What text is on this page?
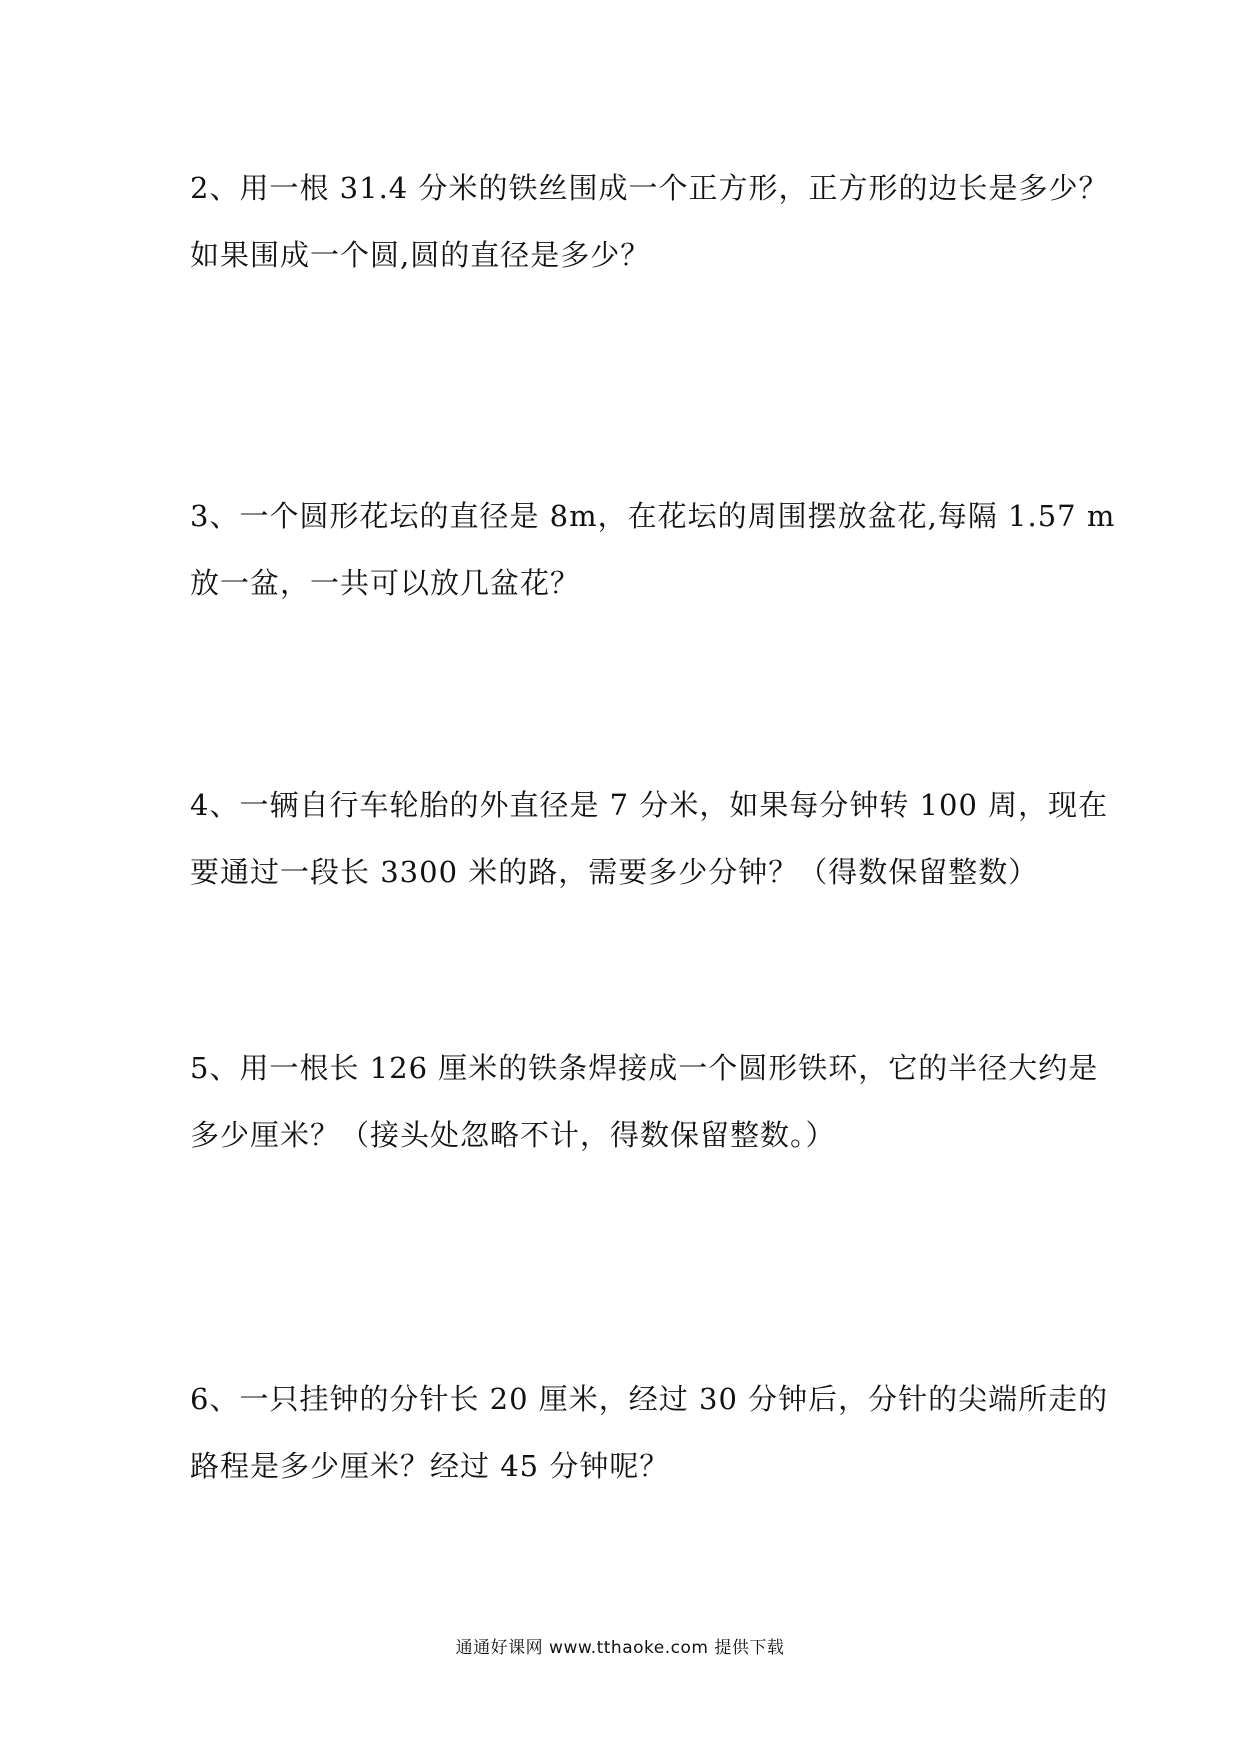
2、用一根 31.4 分米的铁丝围成一个正方形，正方形的边长是多少？
如果围成一个圆,圆的直径是多少？

3、一个圆形花坛的直径是 8m，在花坛的周围摆放盆花,每隔 1.57 m
放一盆，一共可以放几盆花？

4、一辆自行车轮胎的外直径是 7 分米，如果每分钟转 100 周，现在
要通过一段长 3300 米的路，需要多少分钟？（得数保留整数）

5、用一根长 126 厘米的铁条焊接成一个圆形铁环，它的半径大约是
多少厘米？（接头处忽略不计，得数保留整数。）

6、一只挂钟的分针长 20 厘米，经过 30 分钟后，分针的尖端所走的
路程是多少厘米？经过 45 分钟呢？

通通好课网 www.tthaoke.com 提供下载
